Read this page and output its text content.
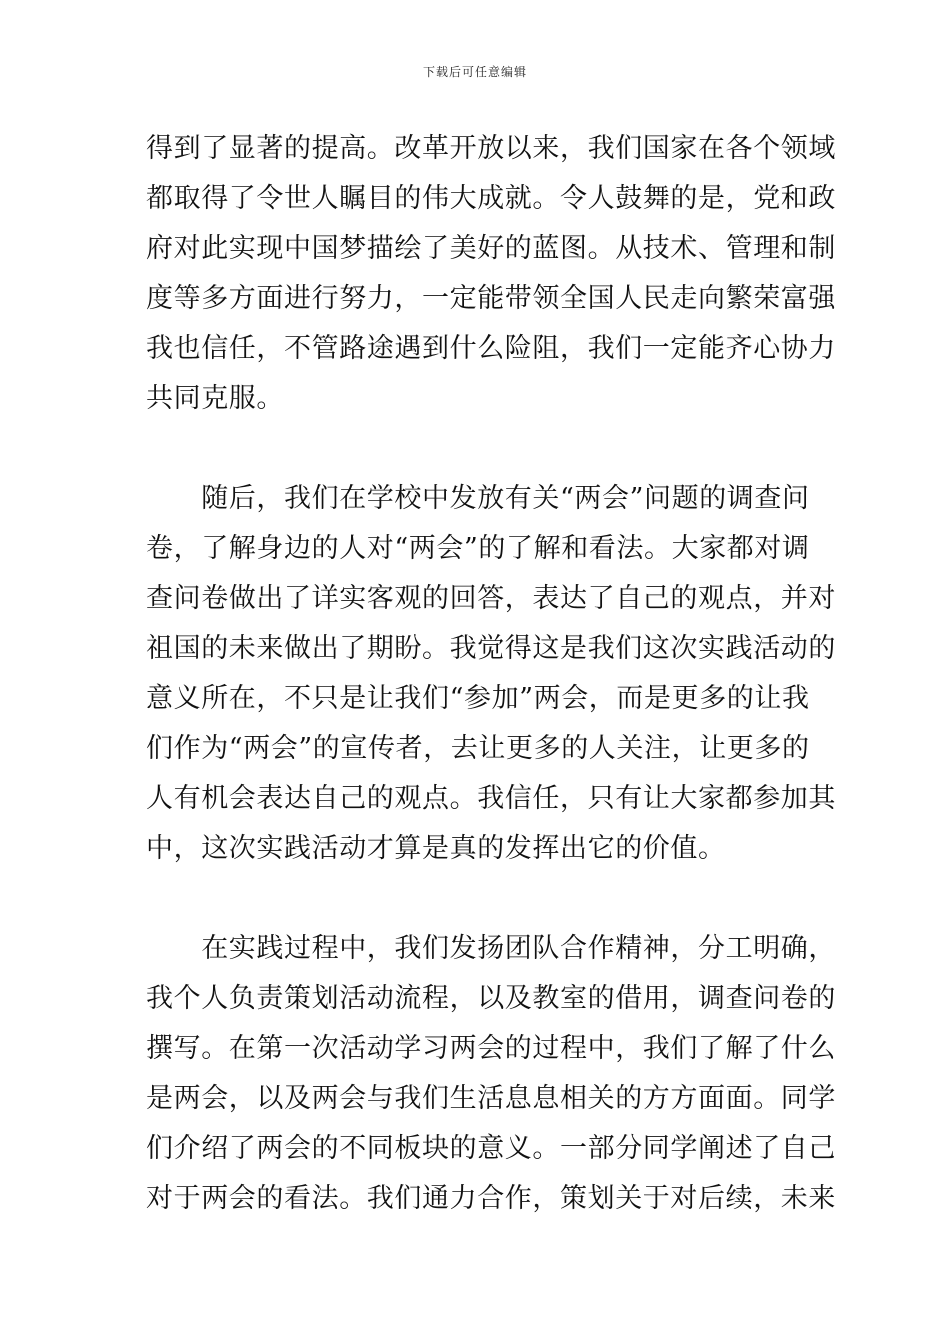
下载后可任意编辑
得到了显著的提高。改革开放以来，我们国家在各个领域
都取得了令世人瞩目的伟大成就。令人鼓舞的是，党和政
府对此实现中国梦描绘了美好的蓝图。从技术、管理和制
度等多方面进行努力，一定能带领全国人民走向繁荣富强
我也信任，不管路途遇到什么险阻，我们一定能齐心协力
共同克服。
　　随后，我们在学校中发放有关“两会”问题的调查问
卷，了解身边的人对“两会”的了解和看法。大家都对调
查问卷做出了详实客观的回答，表达了自己的观点，并对
祖国的未来做出了期盼。我觉得这是我们这次实践活动的
意义所在，不只是让我们“参加”两会，而是更多的让我
们作为“两会”的宣传者，去让更多的人关注，让更多的
人有机会表达自己的观点。我信任，只有让大家都参加其
中，这次实践活动才算是真的发挥出它的价值。
　　在实践过程中，我们发扬团队合作精神，分工明确，
我个人负责策划活动流程，以及教室的借用，调查问卷的
撰写。在第一次活动学习两会的过程中，我们了解了什么
是两会，以及两会与我们生活息息相关的方方面面。同学
们介绍了两会的不同板块的意义。一部分同学阐述了自己
对于两会的看法。我们通力合作，策划关于对后续，未来
